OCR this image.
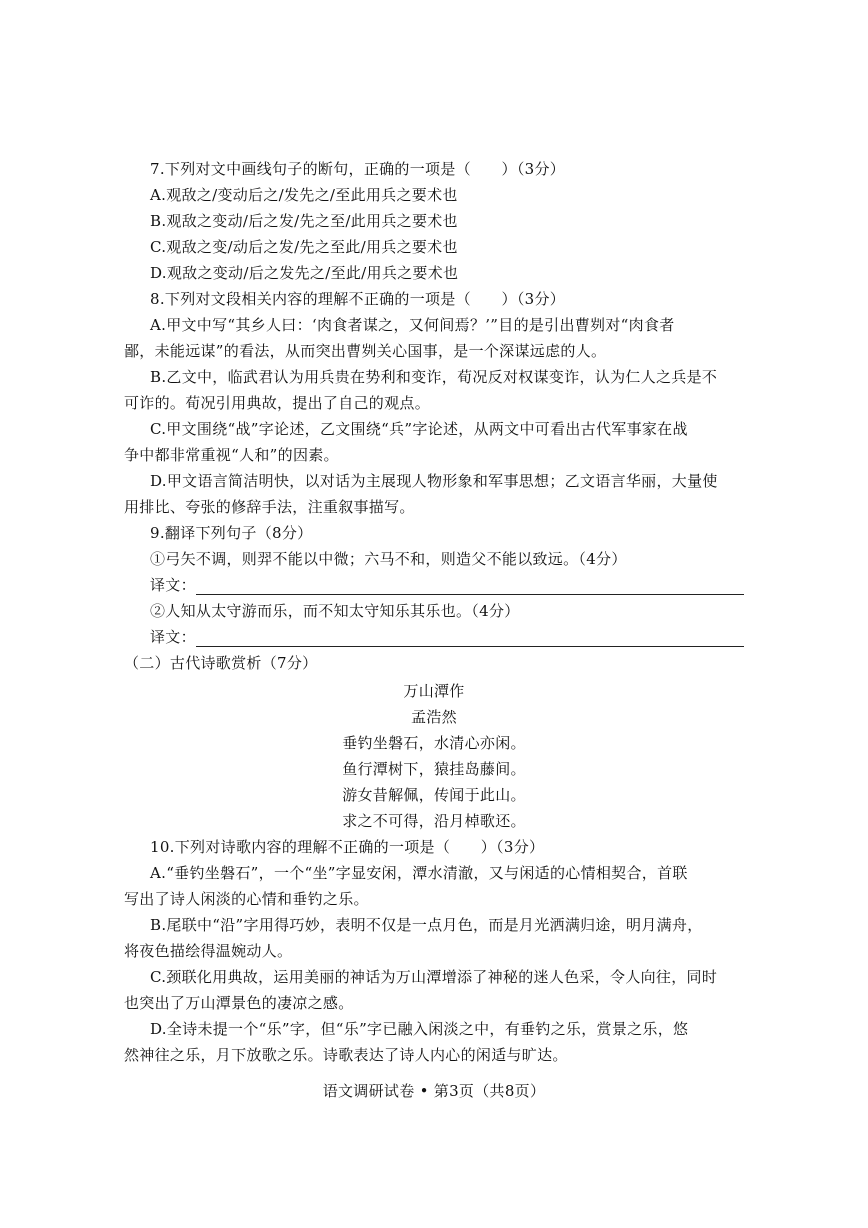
7.下列对文中画线句子的断句，正确的一项是（　　）（3分）
A.观敌之/变动后之/发先之/至此用兵之要术也
B.观敌之变动/后之发/先之至/此用兵之要术也
C.观敌之变/动后之发/先之至此/用兵之要术也
D.观敌之变动/后之发先之/至此/用兵之要术也
8.下列对文段相关内容的理解不正确的一项是（　　）（3分）
A.甲文中写“其乡人曰：‘肉食者谋之，又何间焉？’”目的是引出曹刿对“肉食者
鄙，未能远谋”的看法，从而突出曹刿关心国事，是一个深谋远虑的人。
B.乙文中，临武君认为用兵贵在势利和变诈，荀况反对权谋变诈，认为仁人之兵是不
可诈的。荀况引用典故，提出了自己的观点。
C.甲文围绕“战”字论述，乙文围绕“兵”字论述，从两文中可看出古代军事家在战
争中都非常重视“人和”的因素。
D.甲文语言简洁明快，以对话为主展现人物形象和军事思想；乙文语言华丽，大量使
用排比、夸张的修辞手法，注重叙事描写。
9.翻译下列句子（8分）
①弓矢不调，则羿不能以中微；六马不和，则造父不能以致远。（4分）
译文：
②人知从太守游而乐，而不知太守知乐其乐也。（4分）
译文：
（二）古代诗歌赏析（7分）
万山潭作
孟浩然
垂钓坐磐石，水清心亦闲。
鱼行潭树下，猿挂岛藤间。
游女昔解佩，传闻于此山。
求之不可得，沿月棹歌还。
10.下列对诗歌内容的理解不正确的一项是（　　）（3分）
A.“垂钓坐磐石”，一个“坐”字显安闲，潭水清澈，又与闲适的心情相契合，首联
写出了诗人闲淡的心情和垂钓之乐。
B.尾联中“沿”字用得巧妙，表明不仅是一点月色，而是月光洒满归途，明月满舟，
将夜色描绘得温婉动人。
C.颈联化用典故，运用美丽的神话为万山潭增添了神秘的迷人色采，令人向往，同时
也突出了万山潭景色的凄凉之感。
D.全诗未提一个“乐”字，但“乐”字已融入闲淡之中，有垂钓之乐，赏景之乐，悠
然神往之乐，月下放歌之乐。诗歌表达了诗人内心的闲适与旷达。
语文调研试卷 • 第3页（共8页）
